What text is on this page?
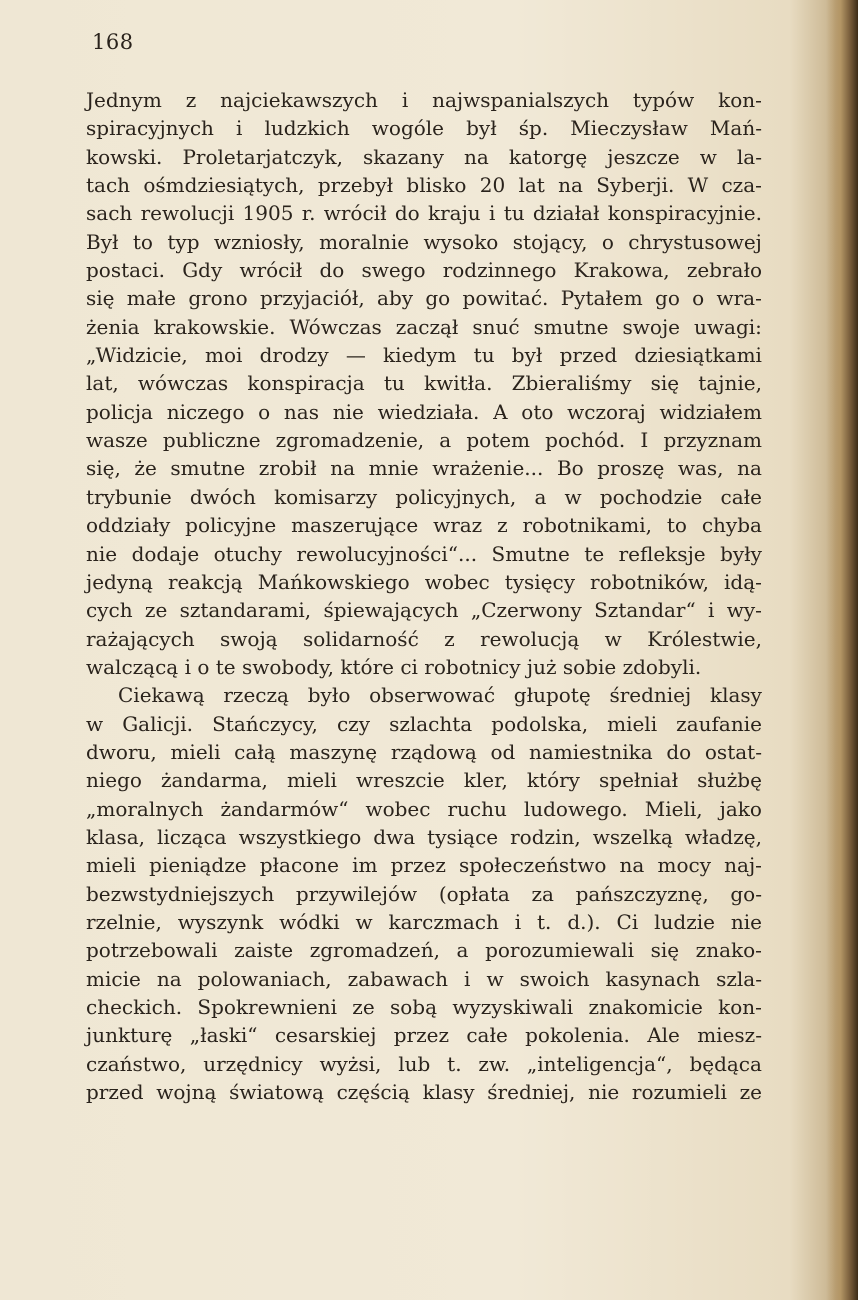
168
Jednym z najciekawszych i najwspanialszych typów kon-
spiracyjnych i ludzkich wogóle był śp. Mieczysław Mań-
kowski. Proletarjatczyk, skazany na katorgę jeszcze w la-
tach ośmdziesiątych, przebył blisko 20 lat na Syberji. W cza-
sach rewolucji 1905 r. wrócił do kraju i tu działał konspiracyjnie.
Był to typ wzniosły, moralnie wysoko stojący, o chrystusowej
postaci. Gdy wrócił do swego rodzinnego Krakowa, zebrało
się małe grono przyjaciół, aby go powitać. Pytałem go o wra-
żenia krakowskie. Wówczas zaczął snuć smutne swoje uwagi:
„Widzicie, moi drodzy — kiedym tu był przed dziesiątkami
lat, wówczas konspiracja tu kwitła. Zbieraliśmy się tajnie,
policja niczego o nas nie wiedziała. A oto wczoraj widziałem
wasze publiczne zgromadzenie, a potem pochód. I przyznam
się, że smutne zrobił na mnie wrażenie... Bo proszę was, na
trybunie dwóch komisarzy policyjnych, a w pochodzie całe
oddziały policyjne maszerujące wraz z robotnikami, to chyba
nie dodaje otuchy rewolucyjności“... Smutne te refleksje były
jedyną reakcją Mańkowskiego wobec tysięcy robotników, idą-
cych ze sztandarami, śpiewających „Czerwony Sztandar“ i wy-
rażających swoją solidarność z rewolucją w Królestwie,
walczącą i o te swobody, które ci robotnicy już sobie zdobyli.
Ciekawą rzeczą było obserwować głupotę średniej klasy
w Galicji. Stańczycy, czy szlachta podolska, mieli zaufanie
dworu, mieli całą maszynę rządową od namiestnika do ostat-
niego żandarma, mieli wreszcie kler, który spełniał służbę
„moralnych żandarmów“ wobec ruchu ludowego. Mieli, jako
klasa, licząca wszystkiego dwa tysiące rodzin, wszelką władzę,
mieli pieniądze płacone im przez społeczeństwo na mocy naj-
bezwstydniejszych przywilejów (opłata za pańszczyznę, go-
rzelnie, wyszynk wódki w karczmach i t. d.). Ci ludzie nie
potrzebowali zaiste zgromadzeń, a porozumiewali się znako-
micie na polowaniach, zabawach i w swoich kasynach szla-
checkich. Spokrewnieni ze sobą wyzyskiwali znakomicie kon-
junkturę „łaski“ cesarskiej przez całe pokolenia. Ale miesz-
czaństwo, urzędnicy wyżsi, lub t. zw. „inteligencja“, będąca
przed wojną światową częścią klasy średniej, nie rozumieli ze
